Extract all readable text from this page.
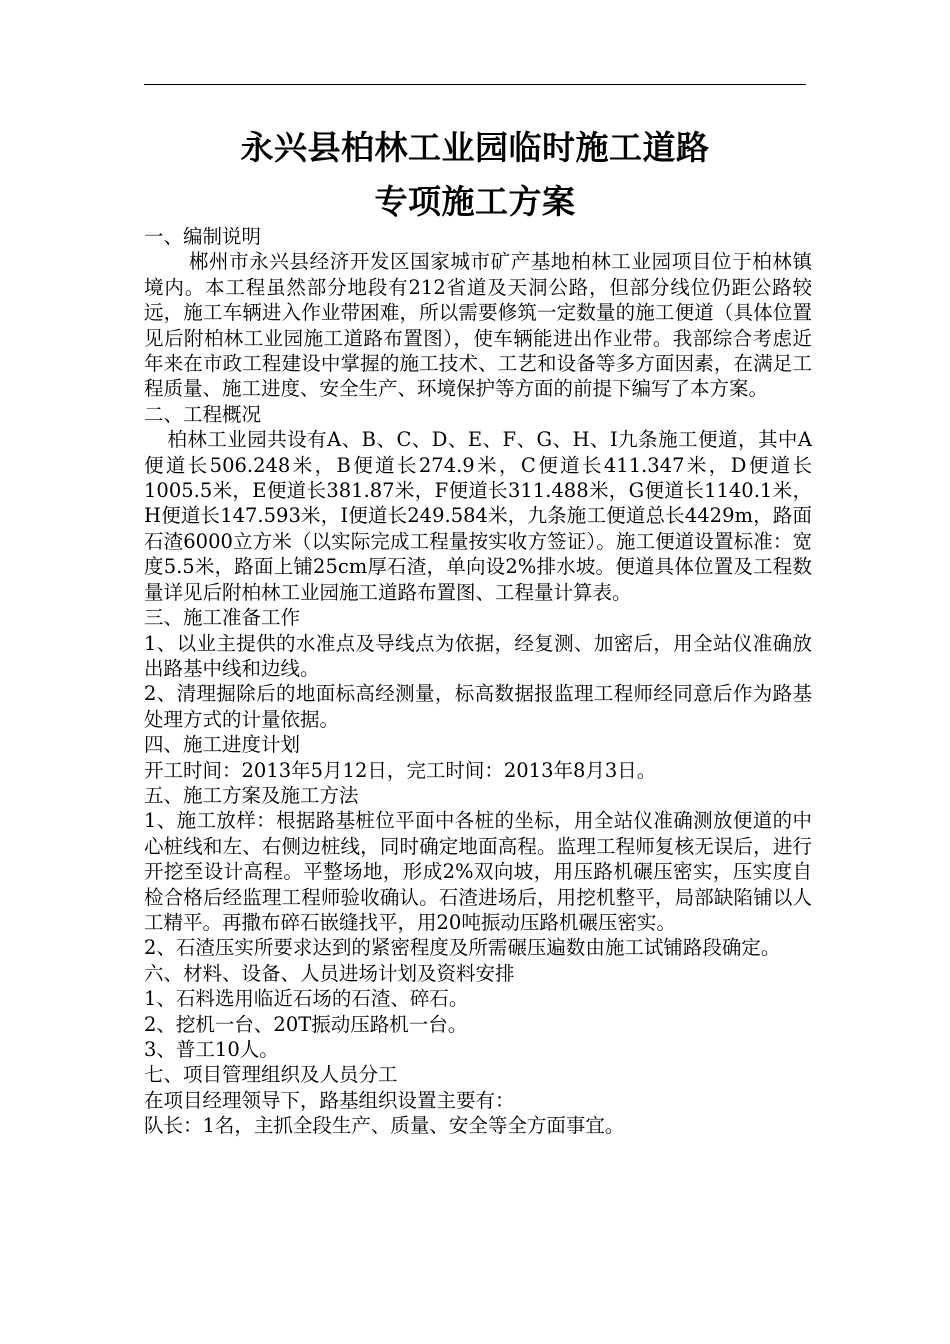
永兴县柏林工业园临时施工道路
专项施工方案

一、编制说明

郴州市永兴县经济开发区国家城市矿产基地柏林工业园项目位于柏林镇境内。本工程虽然部分地段有212省道及天洞公路，但部分线位仍距公路较远，施工车辆进入作业带困难，所以需要修筑一定数量的施工便道（具体位置见后附柏林工业园施工道路布置图），使车辆能进出作业带。我部综合考虑近年来在市政工程建设中掌握的施工技术、工艺和设备等多方面因素，在满足工程质量、施工进度、安全生产、环境保护等方面的前提下编写了本方案。

二、工程概况

柏林工业园共设有A、B、C、D、E、F、G、H、I九条施工便道，其中A便道长506.248米，B便道长274.9米，C便道长411.347米，D便道长1005.5米，E便道长381.87米，F便道长311.488米，G便道长1140.1米，H便道长147.593米，I便道长249.584米，九条施工便道总长4429m，路面石渣6000立方米（以实际完成工程量按实收方签证）。施工便道设置标准：宽度5.5米，路面上铺25cm厚石渣，单向设2%排水坡。便道具体位置及工程数量详见后附柏林工业园施工道路布置图、工程量计算表。

三、施工准备工作

1、以业主提供的水准点及导线点为依据，经复测、加密后，用全站仪准确放出路基中线和边线。

2、清理掘除后的地面标高经测量，标高数据报监理工程师经同意后作为路基处理方式的计量依据。

四、施工进度计划

开工时间：2013年5月12日，完工时间：2013年8月3日。

五、施工方案及施工方法

1、施工放样：根据路基桩位平面中各桩的坐标，用全站仪准确测放便道的中心桩线和左、右侧边桩线，同时确定地面高程。监理工程师复核无误后，进行开挖至设计高程。平整场地，形成2%双向坡，用压路机碾压密实，压实度自检合格后经监理工程师验收确认。石渣进场后，用挖机整平，局部缺陷铺以人工精平。再撒布碎石嵌缝找平，用20吨振动压路机碾压密实。

2、石渣压实所要求达到的紧密程度及所需碾压遍数由施工试铺路段确定。

六、材料、设备、人员进场计划及资料安排

1、石料选用临近石场的石渣、碎石。

2、挖机一台、20T振动压路机一台。

3、普工10人。

七、项目管理组织及人员分工

在项目经理领导下，路基组织设置主要有：

队长：1名，主抓全段生产、质量、安全等全方面事宜。
